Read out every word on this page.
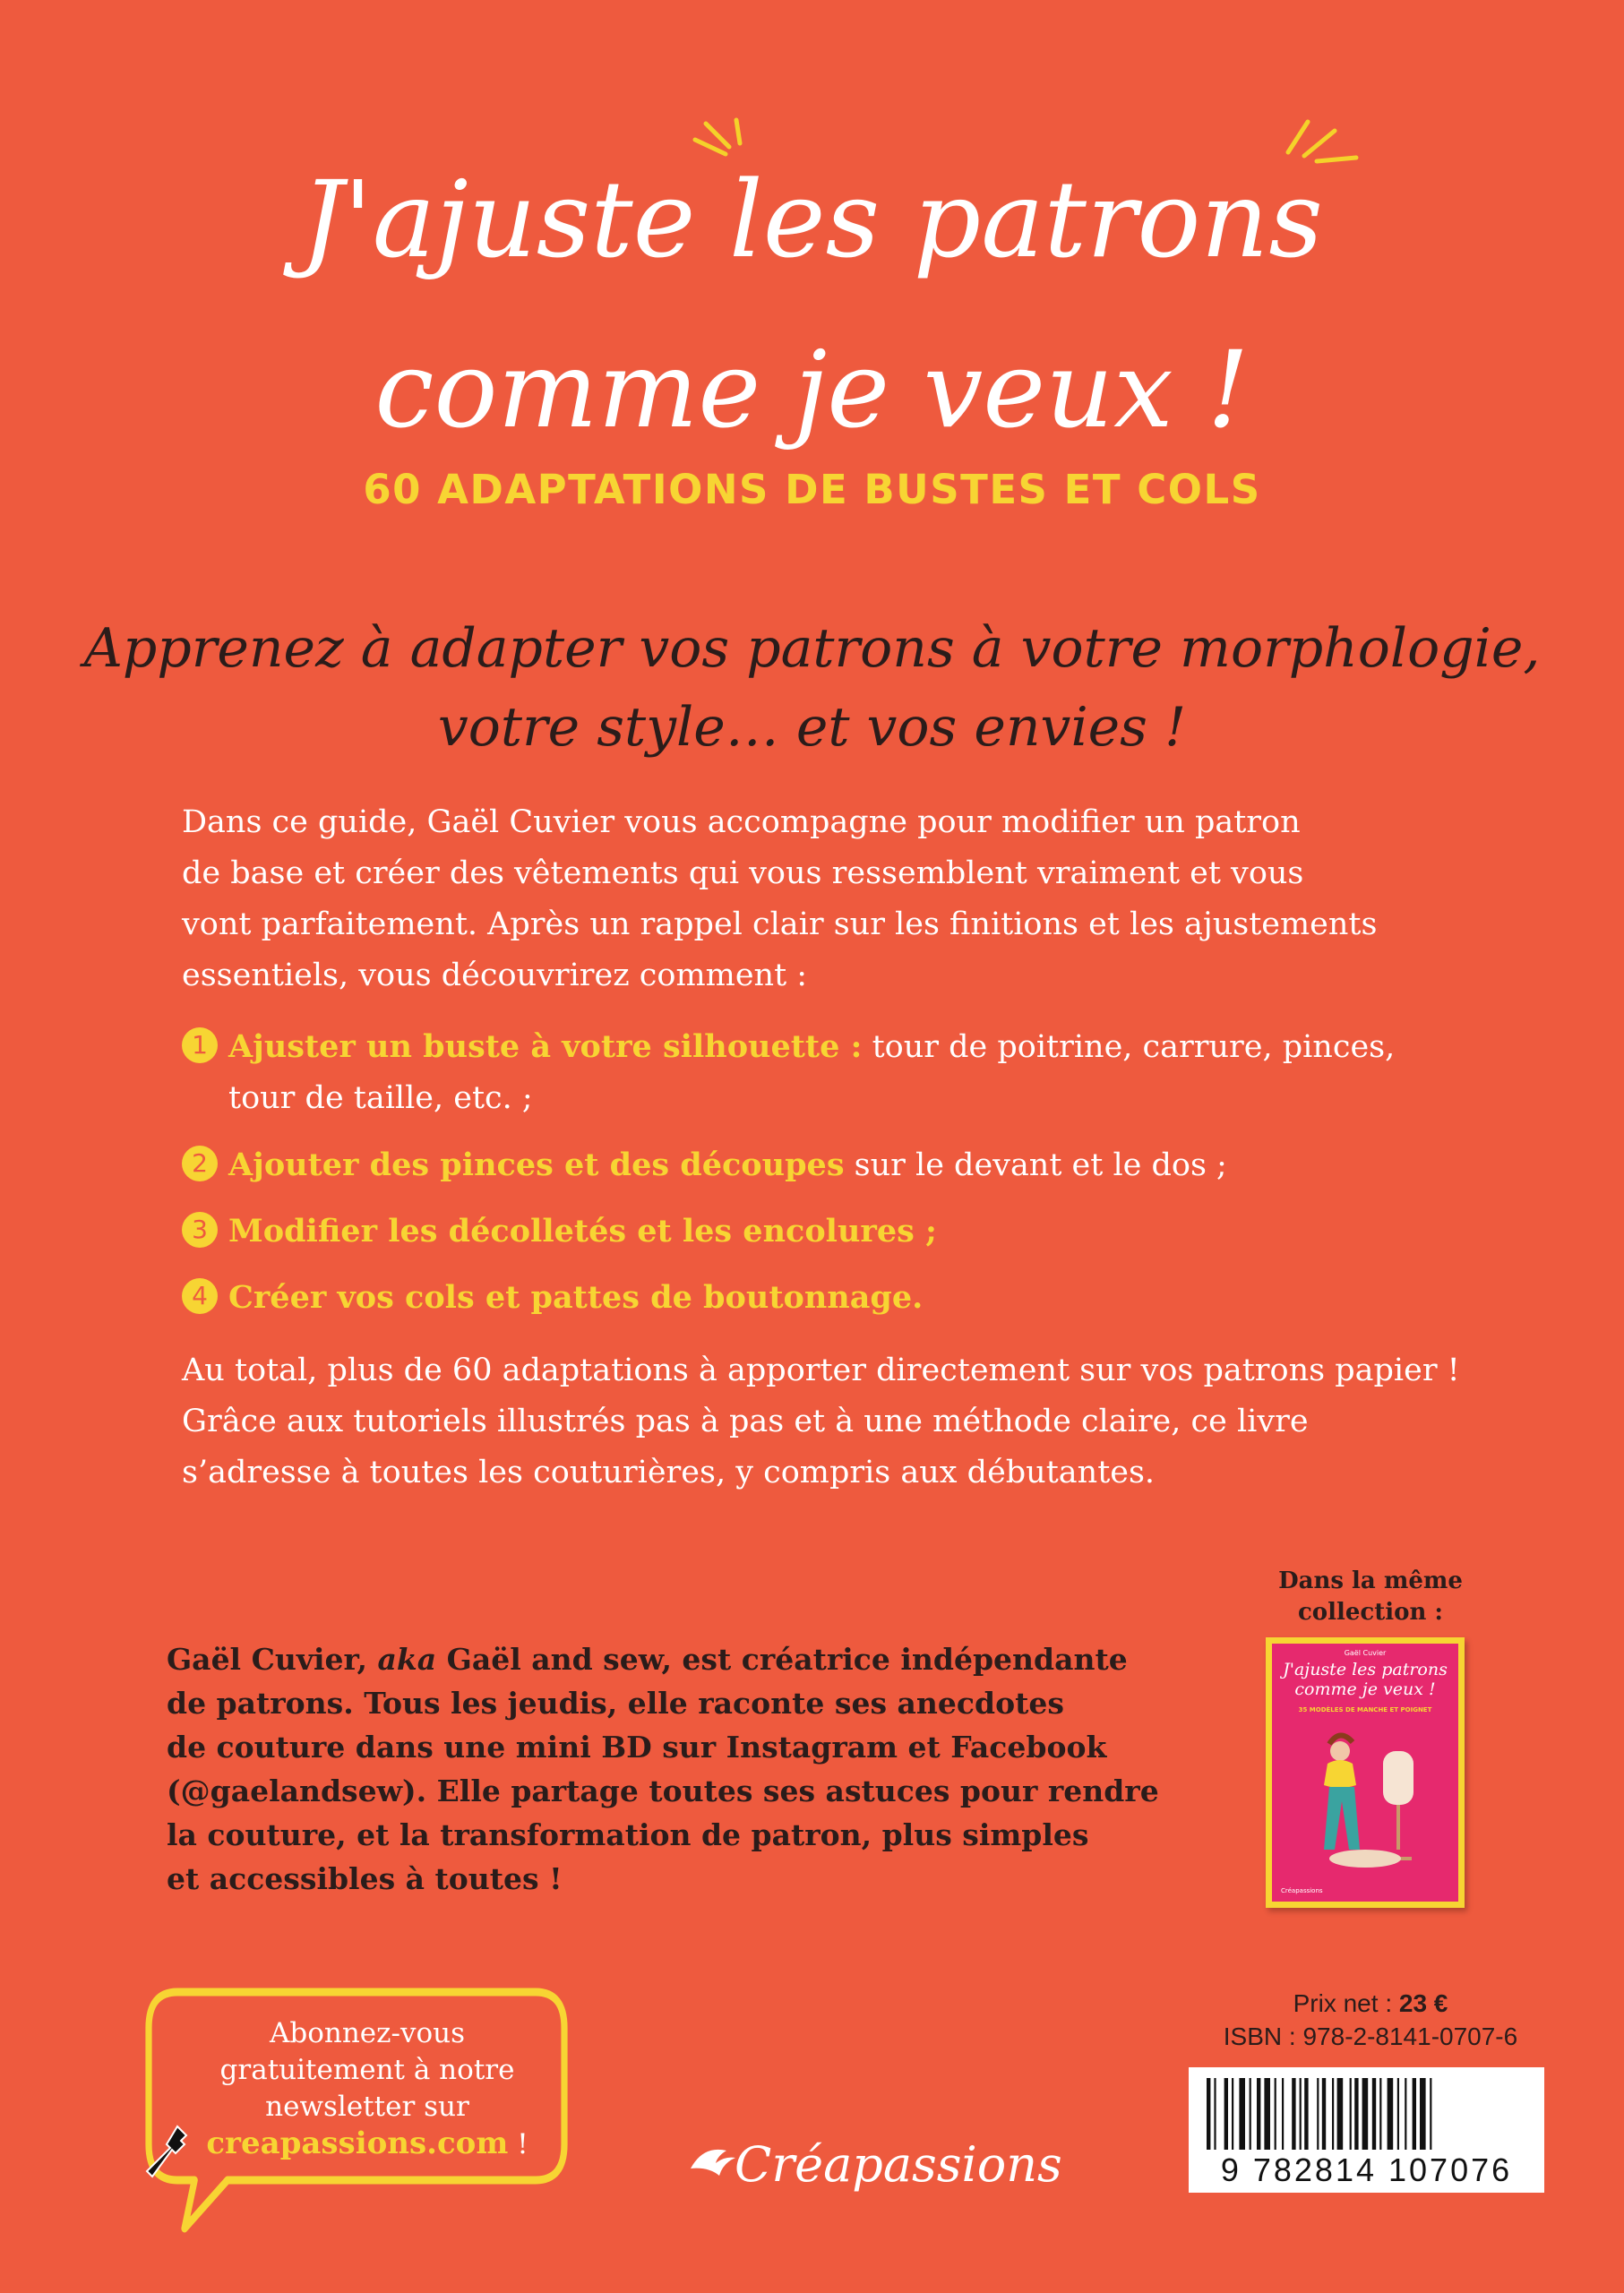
J'ajuste les patrons
comme je veux !
60 ADAPTATIONS DE BUSTES ET COLS
Apprenez à adapter vos patrons à votre morphologie,
votre style… et vos envies !
Dans ce guide, Gaël Cuvier vous accompagne pour modifier un patron
de base et créer des vêtements qui vous ressemblent vraiment et vous
vont parfaitement. Après un rappel clair sur les finitions et les ajustements
essentiels, vous découvrirez comment :
1 Ajuster un buste à votre silhouette : tour de poitrine, carrure, pinces,
tour de taille, etc. ;
2 Ajouter des pinces et des découpes sur le devant et le dos ;
3 Modifier les décolletés et les encolures ;
4 Créer vos cols et pattes de boutonnage.
Au total, plus de 60 adaptations à apporter directement sur vos patrons papier !
Grâce aux tutoriels illustrés pas à pas et à une méthode claire, ce livre
s’adresse à toutes les couturières, y compris aux débutantes.
Gaël Cuvier, aka Gaël and sew, est créatrice indépendante
de patrons. Tous les jeudis, elle raconte ses anecdotes
de couture dans une mini BD sur Instagram et Facebook
(@gaelandsew). Elle partage toutes ses astuces pour rendre
la couture, et la transformation de patron, plus simples
et accessibles à toutes !
Dans la même
collection :
Gaël Cuvier
J'ajuste les patrons
comme je veux !
35 MODÈLES DE MANCHE ET POIGNET
Créapassions
Prix net : 23 €
ISBN : 978-2-8141-0707-6
9 782814 107076
Abonnez-vous
gratuitement à notre
newsletter sur
creapassions.com !	Créapassions
